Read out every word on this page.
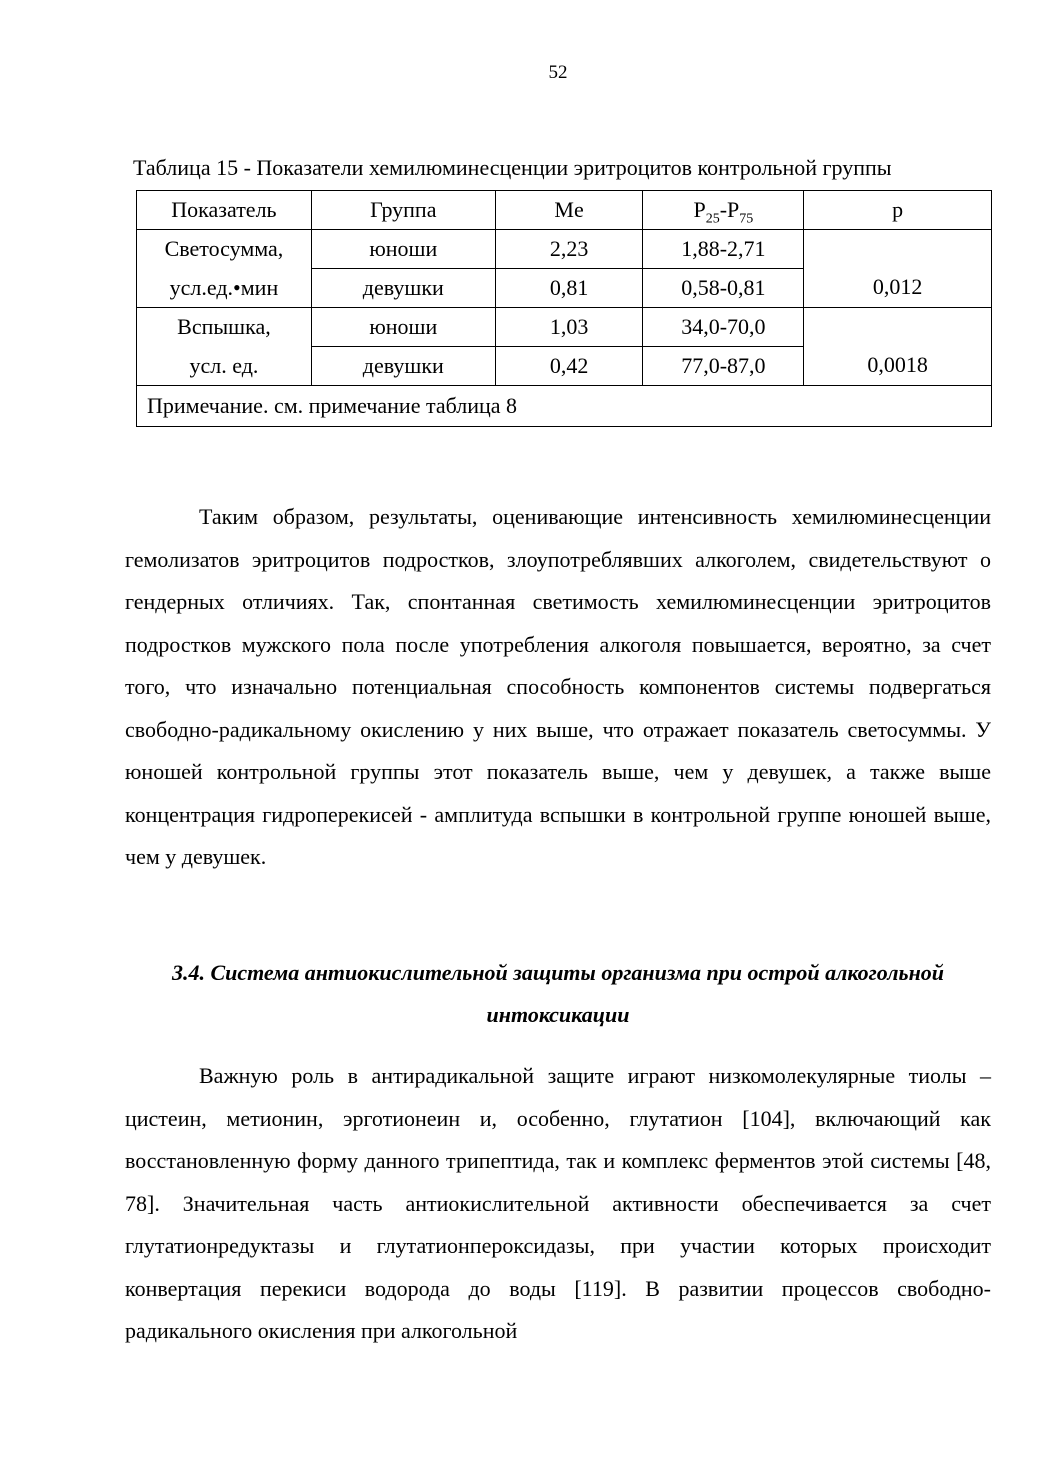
52
Таблица 15 - Показатели хемилюминесценции эритроцитов контрольной группы
Показатель	Группа	Me	$P_{25}-P_{75}$	p
Светосумма,	юноши	2,23	1,88-2,71	0,012
усл.ед.•мин	девушки	0,81	0,58-0,81	
Вспышка,	юноши	1,03	34,0-70,0	0,0018
усл. ед.	девушки	0,42	77,0-87,0	
Примечание. см. примечание таблица 8				

Таким образом, результаты, оценивающие интенсивность хемилюминесценции гемолизатов эритроцитов подростков, злоупотреблявших алкоголем, свидетельствуют о гендерных отличиях. Так, спонтанная светимость хемилюминесценции эритроцитов подростков мужского пола после употребления алкоголя повышается, вероятно, за счет того, что изначально потенциальная способность компонентов системы подвергаться свободно-радикальному окислению у них выше, что отражает показатель светосуммы. У юношей контрольной группы этот показатель выше, чем у девушек, а также выше концентрация гидроперекисей - амплитуда вспышки в контрольной группе юношей выше, чем у девушек.

3.4. Система антиокислительной защиты организма при острой алкогольной интоксикации

Важную роль в антирадикальной защите играют низкомолекулярные тиолы – цистеин, метионин, эрготионеин и, особенно, глутатион [104], включающий как восстановленную форму данного трипептида, так и комплекс ферментов этой системы [48, 78]. Значительная часть антиокислительной активности обеспечивается за счет глутатионредуктазы и глутатионпероксидазы, при участии которых происходит конвертация перекиси водорода до воды [119]. В развитии процессов свободно-радикального окисления при алкогольной
